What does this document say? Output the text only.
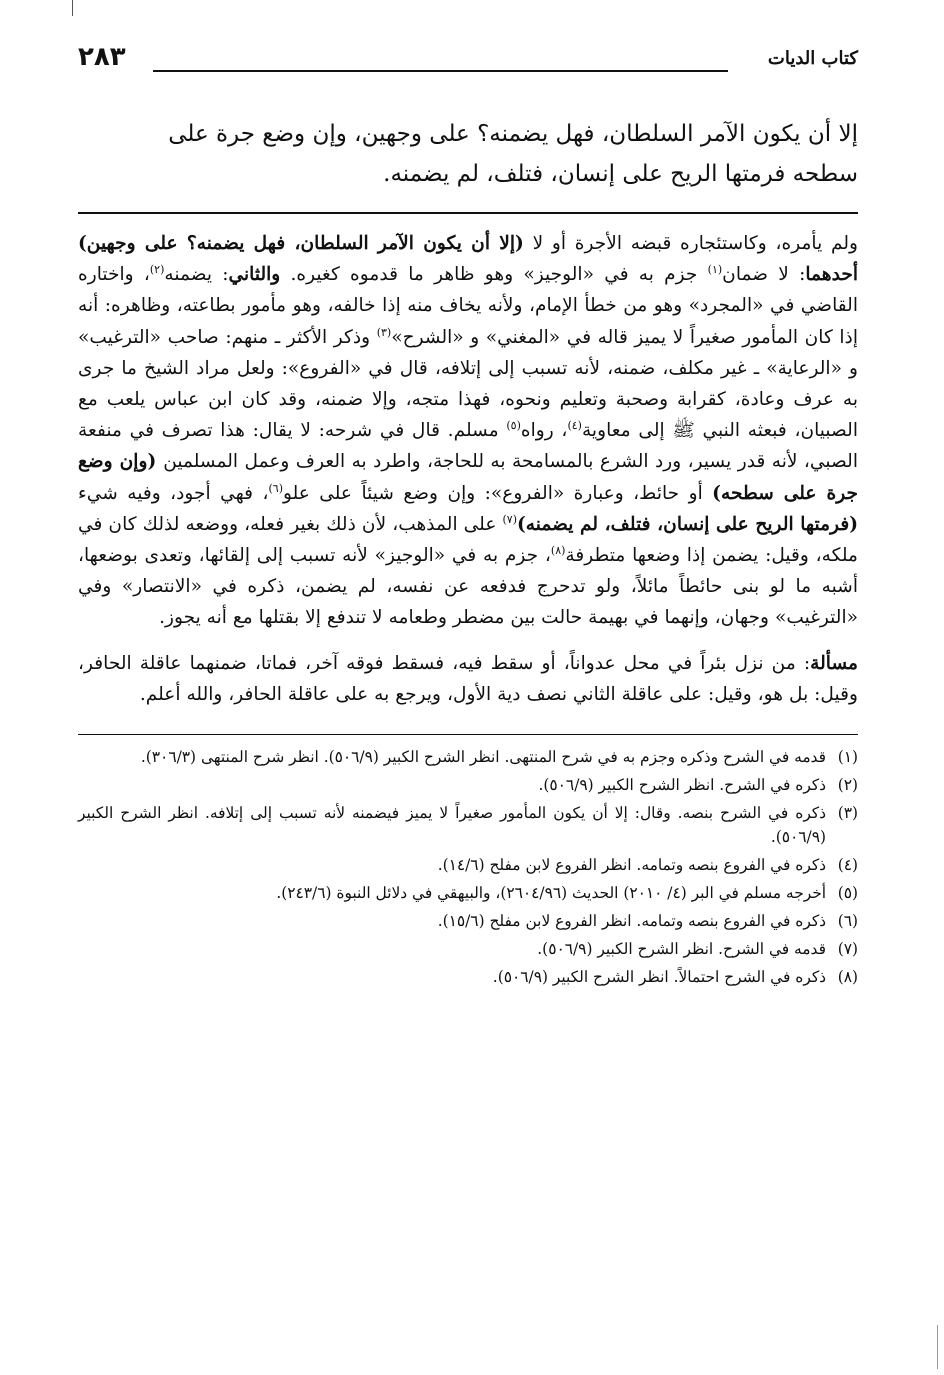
كتاب الديات
٢٨٣

إلا أن يكون الآمر السلطان، فهل يضمنه؟ على وجهين، وإن وضع جرة على

سطحه فرمتها الريح على إنسان، فتلف، لم يضمنه.

ولم يأمره، وكاستئجاره قبضه الأجرة أو لا (إلا أن يكون الآمر السلطان، فهل يضمنه؟ على وجهين) أحدهما: لا ضمان$^{(١)}$ جزم به في «الوجيز» وهو ظاهر ما قدموه كغيره. والثاني: يضمنه$^{(٢)}$، واختاره القاضي في «المجرد» وهو من خطأ الإمام، ولأنه يخاف منه إذا خالفه، وهو مأمور بطاعته، وظاهره: أنه إذا كان المأمور صغيراً لا يميز قاله في «المغني» و «الشرح»$^{(٣)}$ وذكر الأكثر ـ منهم: صاحب «الترغيب» و «الرعاية» ـ غير مكلف، ضمنه، لأنه تسبب إلى إتلافه، قال في «الفروع»: ولعل مراد الشيخ ما جرى به عرف وعادة، كقرابة وصحبة وتعليم ونحوه، فهذا متجه، وإلا ضمنه، وقد كان ابن عباس يلعب مع الصبيان، فبعثه النبي ﷺ إلى معاوية$^{(٤)}$، رواه$^{(٥)}$ مسلم. قال في شرحه: لا يقال: هذا تصرف في منفعة الصبي، لأنه قدر يسير، ورد الشرع بالمسامحة به للحاجة، واطرد به العرف وعمل المسلمين (وإن وضع جرة على سطحه) أو حائط، وعبارة «الفروع»: وإن وضع شيئاً على علو$^{(٦)}$، فهي أجود، وفيه شيء (فرمتها الريح على إنسان، فتلف، لم يضمنه)$^{(٧)}$ على المذهب، لأن ذلك بغير فعله، ووضعه لذلك كان في ملكه، وقيل: يضمن إذا وضعها متطرفة$^{(٨)}$، جزم به في «الوجيز» لأنه تسبب إلى إلقائها، وتعدى بوضعها، أشبه ما لو بنى حائطاً مائلاً، ولو تدحرج فدفعه عن نفسه، لم يضمن، ذكره في «الانتصار» وفي «الترغيب» وجهان، وإنهما في بهيمة حالت بين مضطر وطعامه لا تندفع إلا بقتلها مع أنه يجوز.

مسألة: من نزل بئراً في محل عدواناً، أو سقط فيه، فسقط فوقه آخر، فماتا، ضمنهما عاقلة الحافر، وقيل: بل هو، وقيل: على عاقلة الثاني نصف دية الأول، ويرجع به على عاقلة الحافر، والله أعلم.

(١)
قدمه في الشرح وذكره وجزم به في شرح المنتهى. انظر الشرح الكبير (٥٠٦/٩). انظر شرح المنتهى (٣٠٦/٣).
(٢)
ذكره في الشرح. انظر الشرح الكبير (٥٠٦/٩).
(٣)
ذكره في الشرح بنصه. وقال: إلا أن يكون المأمور صغيراً لا يميز فيضمنه لأنه تسبب إلى إتلافه. انظر الشرح الكبير (٥٠٦/٩).
(٤)
ذكره في الفروع بنصه وتمامه. انظر الفروع لابن مفلح (١٤/٦).
(٥)
أخرجه مسلم في البر (٤/ ٢٠١٠) الحديث (٢٦٠٤/٩٦)، والبيهقي في دلائل النبوة (٢٤٣/٦).
(٦)
ذكره في الفروع بنصه وتمامه. انظر الفروع لابن مفلح (١٥/٦).
(٧)
قدمه في الشرح. انظر الشرح الكبير (٥٠٦/٩).
(٨)
ذكره في الشرح احتمالاً. انظر الشرح الكبير (٥٠٦/٩).
